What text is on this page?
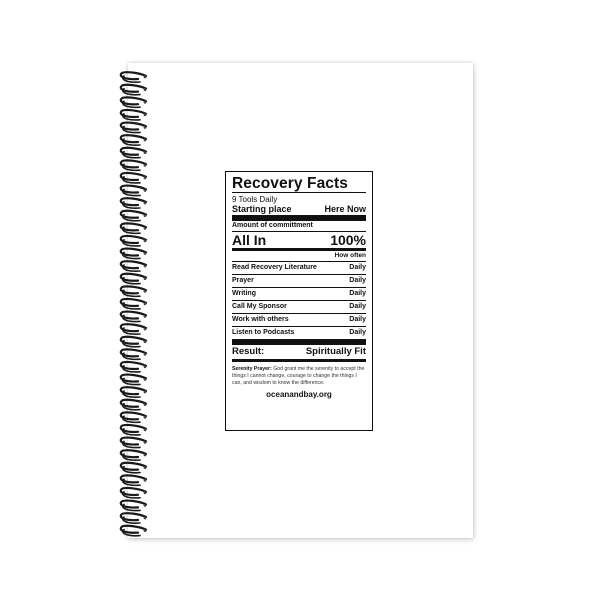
Recovery Facts
9 Tools Daily
Starting place	Here Now
Amount of committment
All In	100%
How often
Read Recovery Literature	Daily
Prayer	Daily
Writing	Daily
Call My Sponsor	Daily
Work with others	Daily
Listen to Podcasts	Daily
Result:	Spiritually Fit
Serenity Prayer: God grant me the serenity to accept the things I cannot change, courage to change the things I can, and wisdom to know the difference.
oceanandbay.org
